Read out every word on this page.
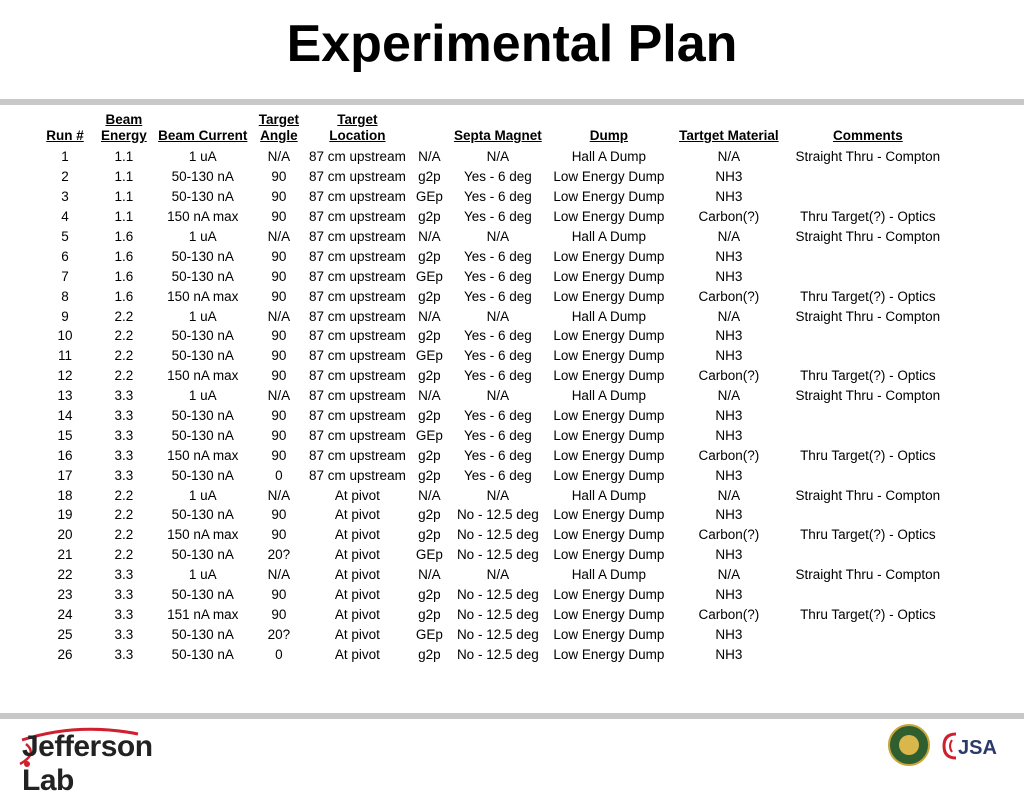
Experimental Plan
Run #	Beam Energy	Beam Current	Target Angle	Target Location		Septa Magnet	Dump	Tartget Material	Comments
1	1.1	1 uA	N/A	87 cm upstream	N/A	N/A	Hall A Dump	N/A	Straight Thru - Compton
2	1.1	50-130 nA	90	87 cm upstream	g2p	Yes - 6 deg	Low Energy Dump	NH3	
3	1.1	50-130 nA	90	87 cm upstream	GEp	Yes - 6 deg	Low Energy Dump	NH3	
4	1.1	150 nA max	90	87 cm upstream	g2p	Yes - 6 deg	Low Energy Dump	Carbon(?)	Thru Target(?) - Optics
5	1.6	1 uA	N/A	87 cm upstream	N/A	N/A	Hall A Dump	N/A	Straight Thru - Compton
6	1.6	50-130 nA	90	87 cm upstream	g2p	Yes - 6 deg	Low Energy Dump	NH3	
7	1.6	50-130 nA	90	87 cm upstream	GEp	Yes - 6 deg	Low Energy Dump	NH3	
8	1.6	150 nA max	90	87 cm upstream	g2p	Yes - 6 deg	Low Energy Dump	Carbon(?)	Thru Target(?) - Optics
9	2.2	1 uA	N/A	87 cm upstream	N/A	N/A	Hall A Dump	N/A	Straight Thru - Compton
10	2.2	50-130 nA	90	87 cm upstream	g2p	Yes - 6 deg	Low Energy Dump	NH3	
11	2.2	50-130 nA	90	87 cm upstream	GEp	Yes - 6 deg	Low Energy Dump	NH3	
12	2.2	150 nA max	90	87 cm upstream	g2p	Yes - 6 deg	Low Energy Dump	Carbon(?)	Thru Target(?) - Optics
13	3.3	1 uA	N/A	87 cm upstream	N/A	N/A	Hall A Dump	N/A	Straight Thru - Compton
14	3.3	50-130 nA	90	87 cm upstream	g2p	Yes - 6 deg	Low Energy Dump	NH3	
15	3.3	50-130 nA	90	87 cm upstream	GEp	Yes - 6 deg	Low Energy Dump	NH3	
16	3.3	150 nA max	90	87 cm upstream	g2p	Yes - 6 deg	Low Energy Dump	Carbon(?)	Thru Target(?) - Optics
17	3.3	50-130 nA	0	87 cm upstream	g2p	Yes - 6 deg	Low Energy Dump	NH3	
18	2.2	1 uA	N/A	At pivot	N/A	N/A	Hall A Dump	N/A	Straight Thru - Compton
19	2.2	50-130 nA	90	At pivot	g2p	No - 12.5 deg	Low Energy Dump	NH3	
20	2.2	150 nA max	90	At pivot	g2p	No - 12.5 deg	Low Energy Dump	Carbon(?)	Thru Target(?) - Optics
21	2.2	50-130 nA	20?	At pivot	GEp	No - 12.5 deg	Low Energy Dump	NH3	
22	3.3	1 uA	N/A	At pivot	N/A	N/A	Hall A Dump	N/A	Straight Thru - Compton
23	3.3	50-130 nA	90	At pivot	g2p	No - 12.5 deg	Low Energy Dump	NH3	
24	3.3	151 nA max	90	At pivot	g2p	No - 12.5 deg	Low Energy Dump	Carbon(?)	Thru Target(?) - Optics
25	3.3	50-130 nA	20?	At pivot	GEp	No - 12.5 deg	Low Energy Dump	NH3	
26	3.3	50-130 nA	0	At pivot	g2p	No - 12.5 deg	Low Energy Dump	NH3	
Jefferson Lab
JSA
